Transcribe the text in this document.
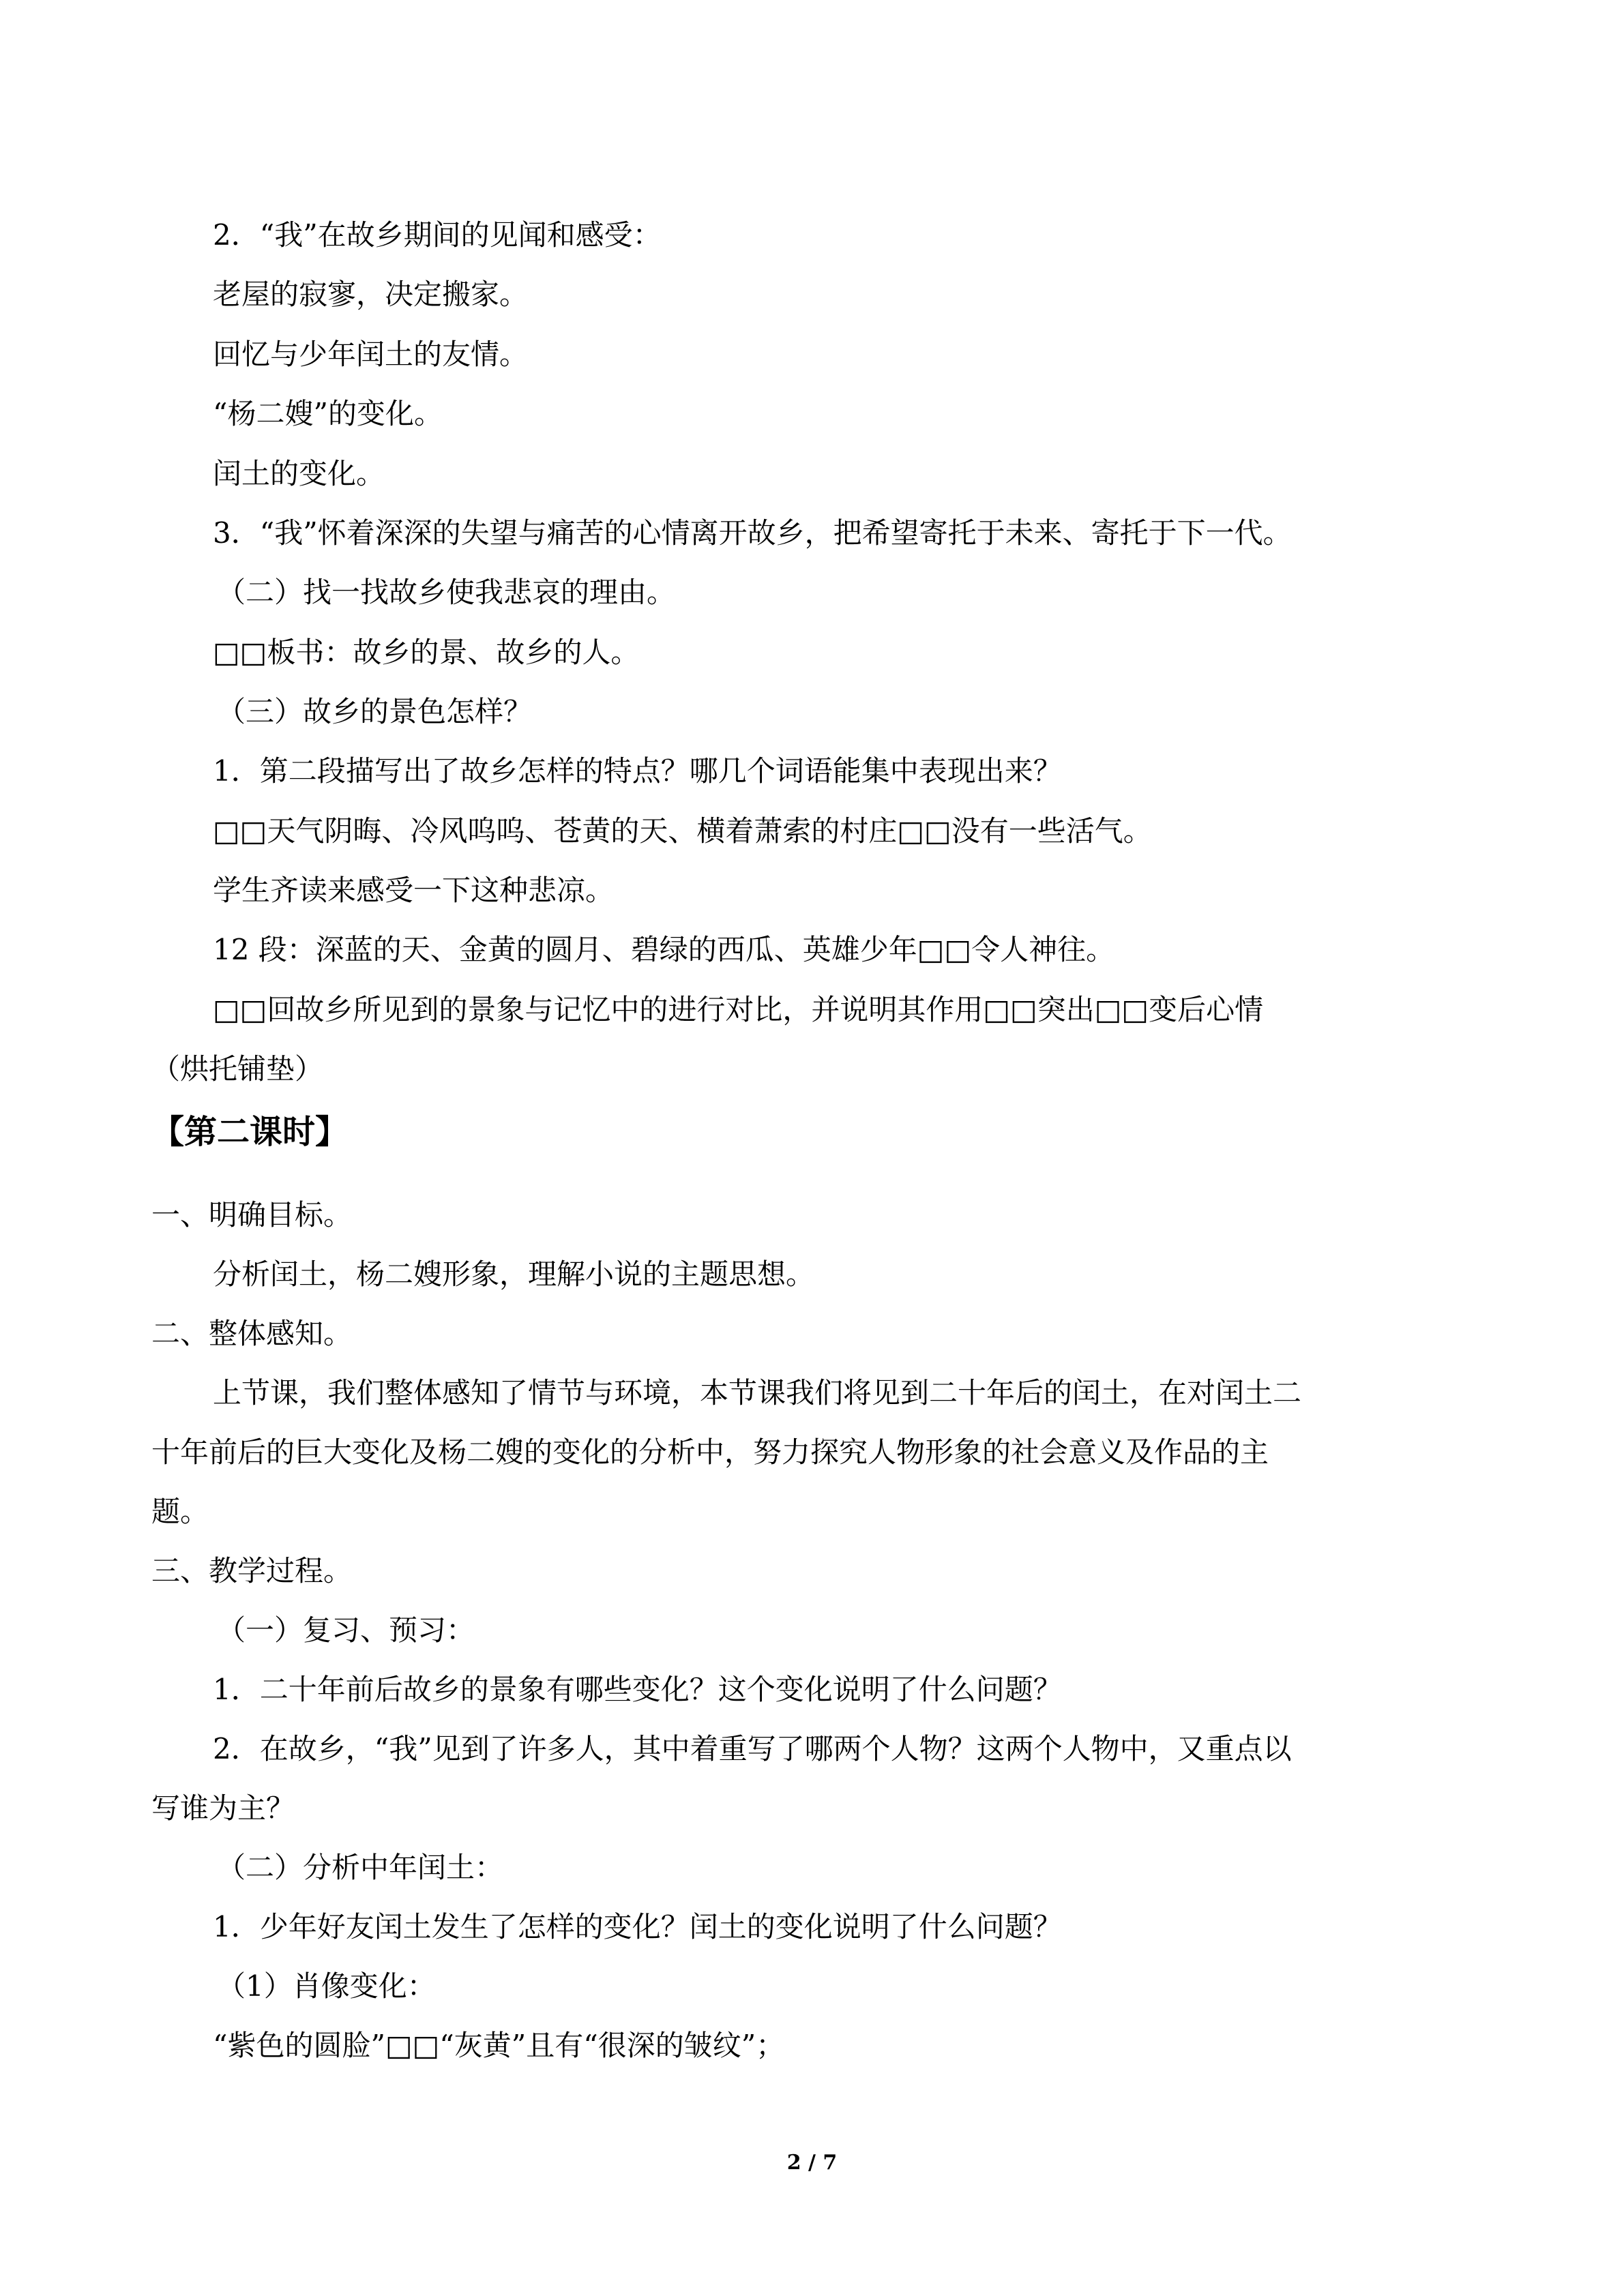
2．“我”在故乡期间的见闻和感受：
老屋的寂寥，决定搬家。
回忆与少年闰土的友情。
“杨二嫂”的变化。
闰土的变化。
3．“我”怀着深深的失望与痛苦的心情离开故乡，把希望寄托于未来、寄托于下一代。
（二）找一找故乡使我悲哀的理由。
□□板书：故乡的景、故乡的人。
（三）故乡的景色怎样？
1．第二段描写出了故乡怎样的特点？哪几个词语能集中表现出来？
□□天气阴晦、冷风呜呜、苍黄的天、横着萧索的村庄□□没有一些活气。
学生齐读来感受一下这种悲凉。
12 段：深蓝的天、金黄的圆月、碧绿的西瓜、英雄少年□□令人神往。
□□回故乡所见到的景象与记忆中的进行对比，并说明其作用□□突出□□变后心情
（烘托铺垫）
【第二课时】
一、明确目标。
分析闰土，杨二嫂形象，理解小说的主题思想。
二、整体感知。
上节课，我们整体感知了情节与环境，本节课我们将见到二十年后的闰土，在对闰土二
十年前后的巨大变化及杨二嫂的变化的分析中，努力探究人物形象的社会意义及作品的主
题。
三、教学过程。
（一）复习、预习：
1．二十年前后故乡的景象有哪些变化？这个变化说明了什么问题？
2．在故乡，“我”见到了许多人，其中着重写了哪两个人物？这两个人物中，又重点以
写谁为主？
（二）分析中年闰土：
1．少年好友闰土发生了怎样的变化？闰土的变化说明了什么问题？
（1）肖像变化：
“紫色的圆脸”□□“灰黄”且有“很深的皱纹”；
2 / 7
